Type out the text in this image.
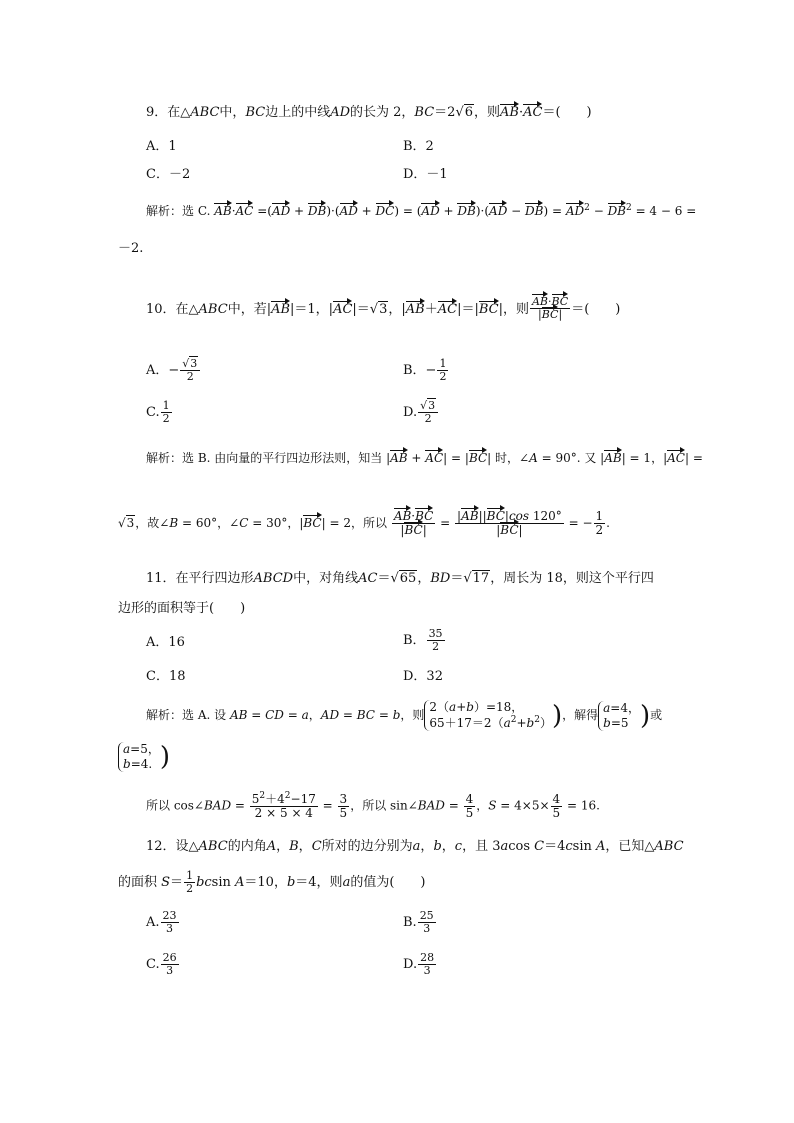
9．在△ABC中，BC边上的中线AD的长为 2，BC＝2√6，则AB·AC＝(　　)
A．1	B．2
C．－2	D．－1
解析：选 C. $AB\cdot AC =(AD + DB)\cdot(AD + DC) = (AD + DB)\cdot(AD - DB) = AD^2 - DB^2 = 4 - 6$ =
－2.
10．在△ABC中，若|AB|＝1，|AC|＝√3，|AB＋AC|＝|BC|，则 $\frac{AB\cdot BC}{|BC|}$ ＝(　　)
A．− $\frac{√3}{2}$	B．− $\frac{1}{2}$
C. $\frac{1}{2}$	D. $\frac{√3}{2}$
解析：选 B. 由向量的平行四边形法则，知当 |AB + AC| = |BC| 时，∠A = 90°. 又 |AB| = 1，|AC| =
√3，故∠B = 60°，∠C = 30°，|BC| = 2，所以 $\frac{AB\cdot BC}{|BC|} = \frac{|AB||BC|\cos 120^\circ}{|BC|}$ = − $\frac{1}{2}$ .
11．在平行四边形ABCD中，对角线AC＝√65，BD＝√17，周长为 18，则这个平行四
边形的面积等于(　　)
A．16	B． $\frac{35}{2}$
C．18	D．32
解析：选 A. 设 AB = CD = a，AD = BC = b，则2（a+b）=18，
$65+17=2(a^2+b^2)$)，解得a=4，
b=5 )或
a=5，
b=4. )
所以 cos∠BAD = $\frac{5^2+4^2-17}{2 \times 5 \times 4} = \frac{3}{5}$ ，所以 sin∠BAD = $\frac{4}{5}$ ，$S = 4\times 5\times \frac{4}{5} = 16$.
12．设△ABC的内角A，B，C所对的边分别为a，b，c，且 3acos C＝4csin A，已知△ABC
的面积 $S= \frac{1}{2}$ bcsin A＝10，b＝4，则a的值为(　　)
A. $\frac{23}{3}$	B. $\frac{25}{3}$
C. $\frac{26}{3}$	D. $\frac{28}{3}$
